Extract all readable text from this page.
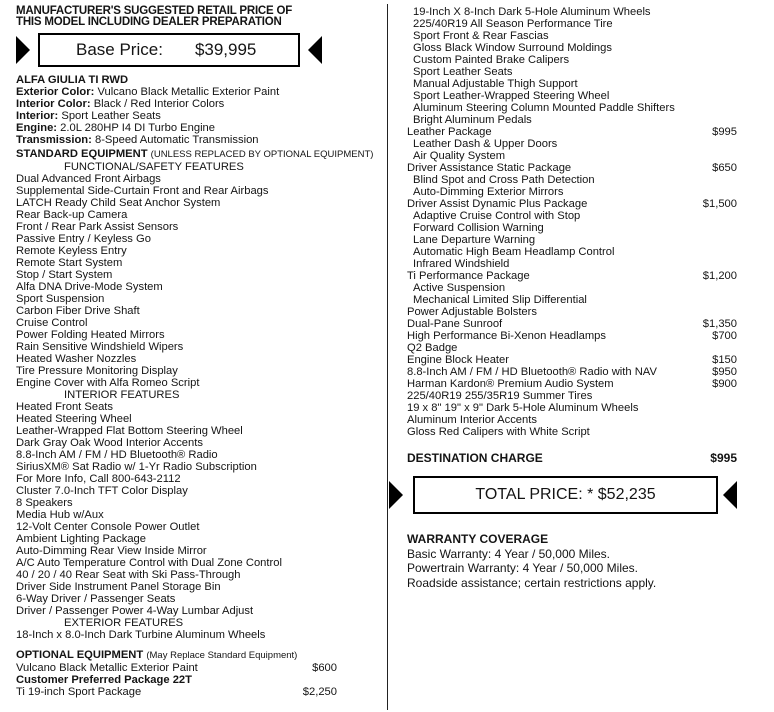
MANUFACTURER'S SUGGESTED RETAIL PRICE OF
THIS MODEL INCLUDING DEALER PREPARATION
Base Price: $39,995
ALFA GIULIA TI RWD
Exterior Color: Vulcano Black Metallic Exterior Paint
Interior Color: Black / Red Interior Colors
Interior: Sport Leather Seats
Engine: 2.0L 280HP I4 DI Turbo Engine
Transmission: 8-Speed Automatic Transmission
STANDARD EQUIPMENT (UNLESS REPLACED BY OPTIONAL EQUIPMENT)
FUNCTIONAL/SAFETY FEATURES
Dual Advanced Front Airbags
Supplemental Side-Curtain Front and Rear Airbags
LATCH Ready Child Seat Anchor System
Rear Back-up Camera
Front / Rear Park Assist Sensors
Passive Entry / Keyless Go
Remote Keyless Entry
Remote Start System
Stop / Start System
Alfa DNA Drive-Mode System
Sport Suspension
Carbon Fiber Drive Shaft
Cruise Control
Power Folding Heated Mirrors
Rain Sensitive Windshield Wipers
Heated Washer Nozzles
Tire Pressure Monitoring Display
Engine Cover with Alfa Romeo Script
INTERIOR FEATURES
Heated Front Seats
Heated Steering Wheel
Leather-Wrapped Flat Bottom Steering Wheel
Dark Gray Oak Wood Interior Accents
8.8-Inch AM / FM / HD Bluetooth® Radio
SiriusXM® Sat Radio w/ 1-Yr Radio Subscription
For More Info, Call 800-643-2112
Cluster 7.0-Inch TFT Color Display
8 Speakers
Media Hub w/Aux
12-Volt Center Console Power Outlet
Ambient Lighting Package
Auto-Dimming Rear View Inside Mirror
A/C Auto Temperature Control with Dual Zone Control
40 / 20 / 40 Rear Seat with Ski Pass-Through
Driver Side Instrument Panel Storage Bin
6-Way Driver / Passenger Seats
Driver / Passenger Power 4-Way Lumbar Adjust
EXTERIOR FEATURES
18-Inch x 8.0-Inch Dark Turbine Aluminum Wheels
OPTIONAL EQUIPMENT (May Replace Standard Equipment)
Vulcano Black Metallic Exterior Paint	$600
Customer Preferred Package 22T
Ti 19-inch Sport Package	$2,250
19-Inch X 8-Inch Dark 5-Hole Aluminum Wheels
225/40R19 All Season Performance Tire
Sport Front & Rear Fascias
Gloss Black Window Surround Moldings
Custom Painted Brake Calipers
Sport Leather Seats
Manual Adjustable Thigh Support
Sport Leather-Wrapped Steering Wheel
Aluminum Steering Column Mounted Paddle Shifters
Bright Aluminum Pedals
Leather Package	$995
Leather Dash & Upper Doors
Air Quality System
Driver Assistance Static Package	$650
Blind Spot and Cross Path Detection
Auto-Dimming Exterior Mirrors
Driver Assist Dynamic Plus Package	$1,500
Adaptive Cruise Control with Stop
Forward Collision Warning
Lane Departure Warning
Automatic High Beam Headlamp Control
Infrared Windshield
Ti Performance Package	$1,200
Active Suspension
Mechanical Limited Slip Differential
Power Adjustable Bolsters
Dual-Pane Sunroof	$1,350
High Performance Bi-Xenon Headlamps	$700
Q2 Badge
Engine Block Heater	$150
8.8-Inch AM / FM / HD Bluetooth® Radio with NAV	$950
Harman Kardon® Premium Audio System	$900
225/40R19 255/35R19 Summer Tires
19 x 8" 19" x 9" Dark 5-Hole Aluminum Wheels
Aluminum Interior Accents
Gloss Red Calipers with White Script
DESTINATION CHARGE	$995
TOTAL PRICE: * $52,235
WARRANTY COVERAGE
Basic Warranty: 4 Year / 50,000 Miles.
Powertrain Warranty: 4 Year / 50,000 Miles.
Roadside assistance; certain restrictions apply.
